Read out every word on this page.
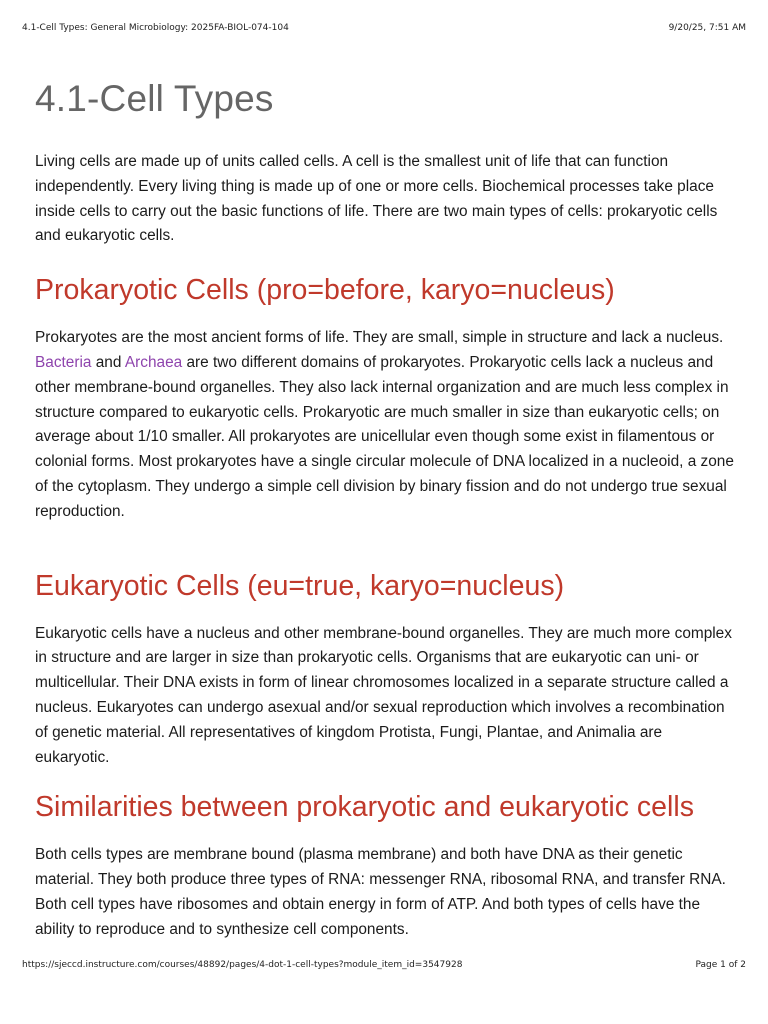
4.1-Cell Types: General Microbiology: 2025FA-BIOL-074-104	9/20/25, 7:51 AM
4.1-Cell Types

Living cells are made up of units called cells. A cell is the smallest unit of life that can function independently. Every living thing is made up of one or more cells. Biochemical processes take place inside cells to carry out the basic functions of life. There are two main types of cells: prokaryotic cells and eukaryotic cells.

Prokaryotic Cells (pro=before, karyo=nucleus)

Prokaryotes are the most ancient forms of life. They are small, simple in structure and lack a nucleus. Bacteria and Archaea are two different domains of prokaryotes. Prokaryotic cells lack a nucleus and other membrane-bound organelles. They also lack internal organization and are much less complex in structure compared to eukaryotic cells. Prokaryotic are much smaller in size than eukaryotic cells; on average about 1/10 smaller. All prokaryotes are unicellular even though some exist in filamentous or colonial forms. Most prokaryotes have a single circular molecule of DNA localized in a nucleoid, a zone of the cytoplasm. They undergo a simple cell division by binary fission and do not undergo true sexual reproduction.

Eukaryotic Cells (eu=true, karyo=nucleus)

Eukaryotic cells have a nucleus and other membrane-bound organelles. They are much more complex in structure and are larger in size than prokaryotic cells. Organisms that are eukaryotic can uni- or multicellular. Their DNA exists in form of linear chromosomes localized in a separate structure called a nucleus. Eukaryotes can undergo asexual and/or sexual reproduction which involves a recombination of genetic material. All representatives of kingdom Protista, Fungi, Plantae, and Animalia are eukaryotic.

Similarities between prokaryotic and eukaryotic cells

Both cells types are membrane bound (plasma membrane) and both have DNA as their genetic material. They both produce three types of RNA: messenger RNA, ribosomal RNA, and transfer RNA. Both cell types have ribosomes and obtain energy in form of ATP. And both types of cells have the ability to reproduce and to synthesize cell components.

https://sjeccd.instructure.com/courses/48892/pages/4-dot-1-cell-types?module_item_id=3547928	Page 1 of 2
